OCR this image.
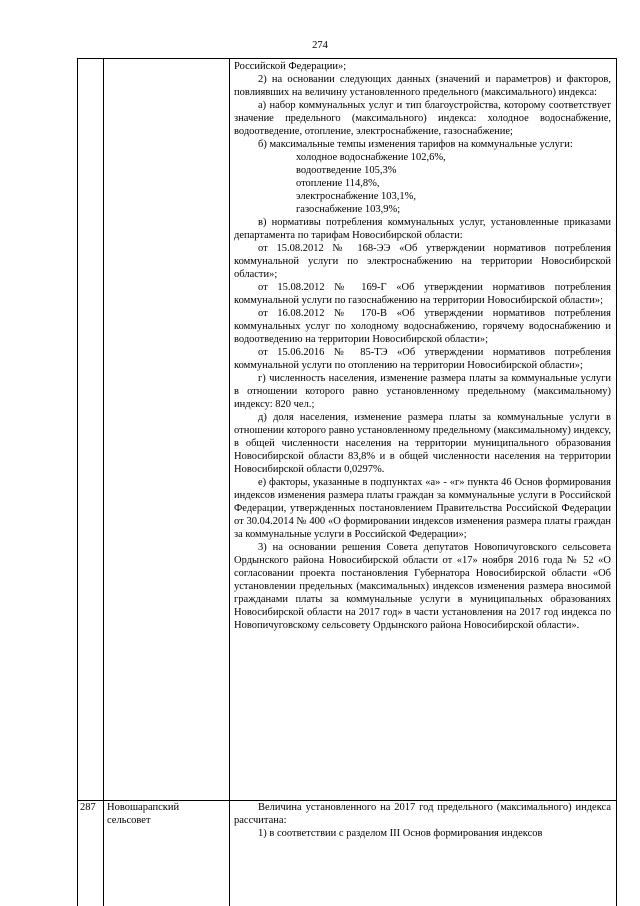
274

Российской Федерации»;

2) на основании следующих данных (значений и параметров) и факторов, повлиявших на величину установленного предельного (максимального) индекса:

а) набор коммунальных услуг и тип благоустройства, которому соответствует значение предельного (максимального) индекса: холодное водоснабжение, водоотведение, отопление, электроснабжение, газоснабжение;

б) максимальные темпы изменения тарифов на коммунальные услуги:

холодное водоснабжение 102,6%,
водоотведение 105,3%
отопление 114,8%,
электроснабжение 103,1%,
газоснабжение 103,9%;

в) нормативы потребления коммунальных услуг, установленные приказами департамента по тарифам Новосибирской области:

от 15.08.2012 № 168-ЭЭ «Об утверждении нормативов потребления коммунальной услуги по электроснабжению на территории Новосибирской области»;

от 15.08.2012 № 169-Г «Об утверждении нормативов потребления коммунальной услуги по газоснабжению на территории Новосибирской области»;

от 16.08.2012 № 170-В «Об утверждении нормативов потребления коммунальных услуг по холодному водоснабжению, горячему водоснабжению и водоотведению на территории Новосибирской области»;

от 15.06.2016 № 85-ТЭ «Об утверждении нормативов потребления коммунальной услуги по отоплению на территории Новосибирской области»;

г) численность населения, изменение размера платы за коммунальные услуги в отношении которого равно установленному предельному (максимальному) индексу: 820 чел.;

д) доля населения, изменение размера платы за коммунальные услуги в отношении которого равно установленному предельному (максимальному) индексу, в общей численности населения на территории муниципального образования Новосибирской области 83,8% и в общей численности населения на территории Новосибирской области 0,0297%.

е) факторы, указанные в подпунктах «а» - «г» пункта 46 Основ формирования индексов изменения размера платы граждан за коммунальные услуги в Российской Федерации, утвержденных постановлением Правительства Российской Федерации от 30.04.2014 № 400 «О формировании индексов изменения размера платы граждан за коммунальные услуги в Российской Федерации»;

3) на основании решения Совета депутатов Новопичуговского сельсовета Ордынского района Новосибирской области от «17» ноября 2016 года № 52 «О согласовании проекта постановления Губернатора Новосибирской области «Об установлении предельных (максимальных) индексов изменения размера вносимой гражданами платы за коммунальные услуги в муниципальных образованиях Новосибирской области на 2017 год» в части установления на 2017 год индекса по Новопичуговскому сельсовету Ордынского района Новосибирской области».

287 Новошарапский сельсовет

Величина установленного на 2017 год предельного (максимального) индекса рассчитана:

1) в соответствии с разделом III Основ формирования индексов
